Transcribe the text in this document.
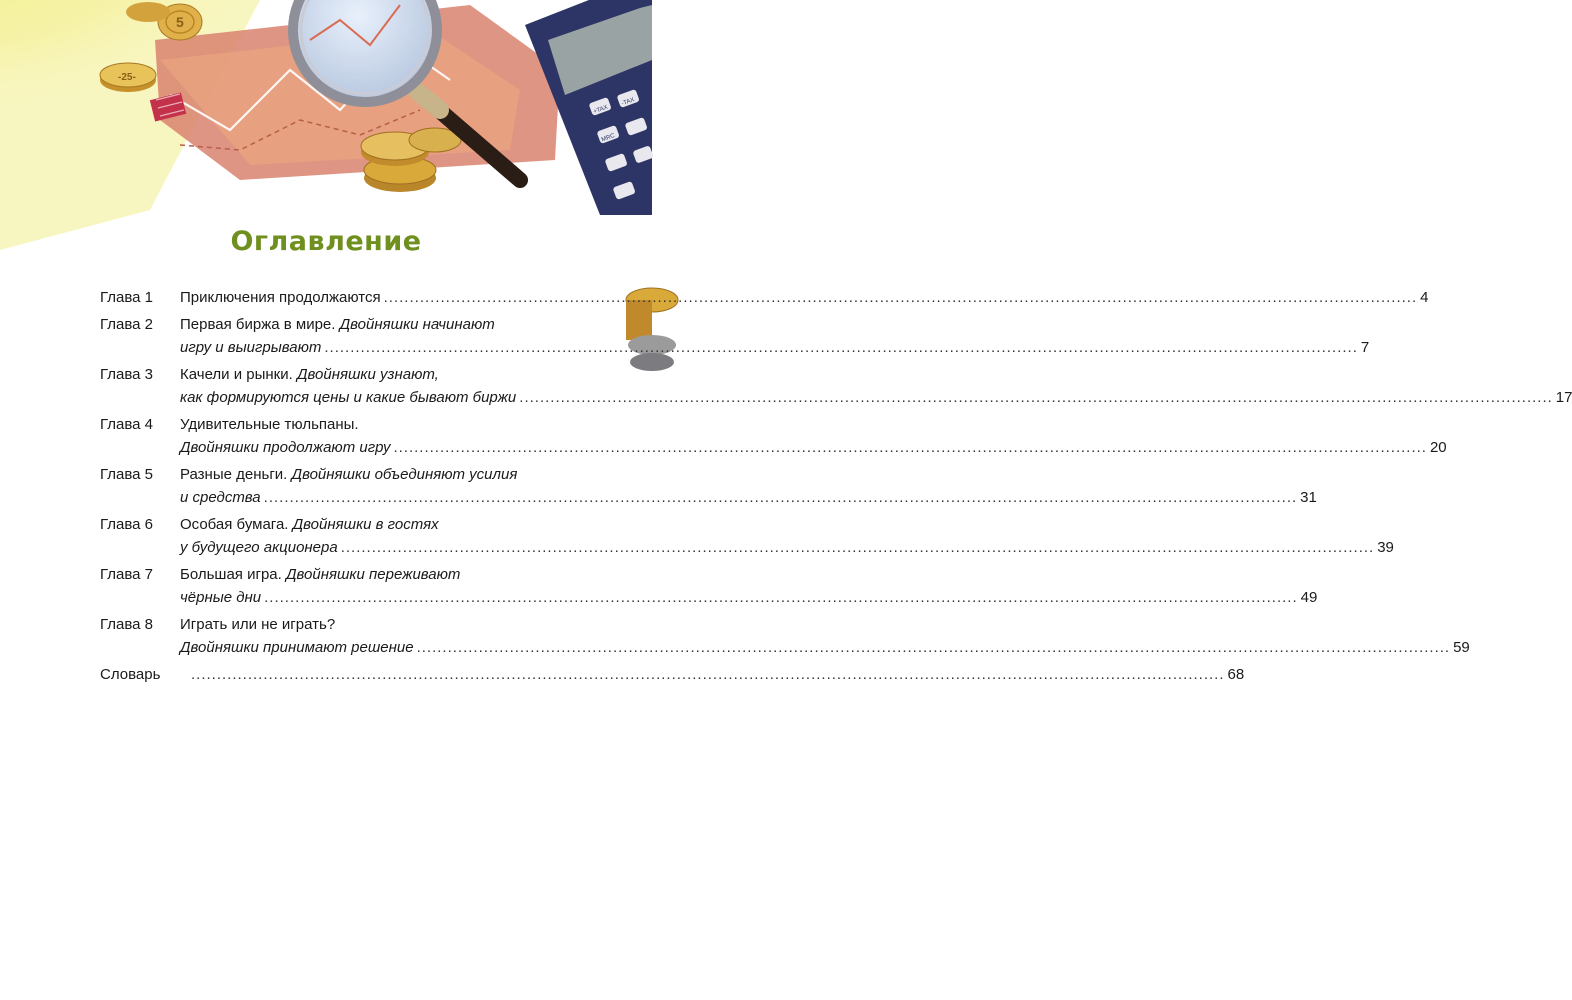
-25-
5
+TAX
-TAX
MRC
Оглавление
Глава 1 Приключения продолжаются ........................................................................................................................................................................................................ 4
Глава 2 Первая биржа в мире. Двойняшки начинают
игру и выигрывают ........................................................................................................................................................................................................ 7
Глава 3 Качели и рынки. Двойняшки узнают,
как формируются цены и какие бывают биржи ........................................................................................................................................................................................................ 17
Глава 4 Удивительные тюльпаны.
Двойняшки продолжают игру ........................................................................................................................................................................................................ 20
Глава 5 Разные деньги. Двойняшки объединяют усилия
и средства ........................................................................................................................................................................................................ 31
Глава 6 Особая бумага. Двойняшки в гостях
у будущего акционера ........................................................................................................................................................................................................ 39
Глава 7 Большая игра. Двойняшки переживают
чёрные дни ........................................................................................................................................................................................................ 49
Глава 8 Играть или не играть?
Двойняшки принимают решение ........................................................................................................................................................................................................ 59
Словарь ........................................................................................................................................................................................................ 68
